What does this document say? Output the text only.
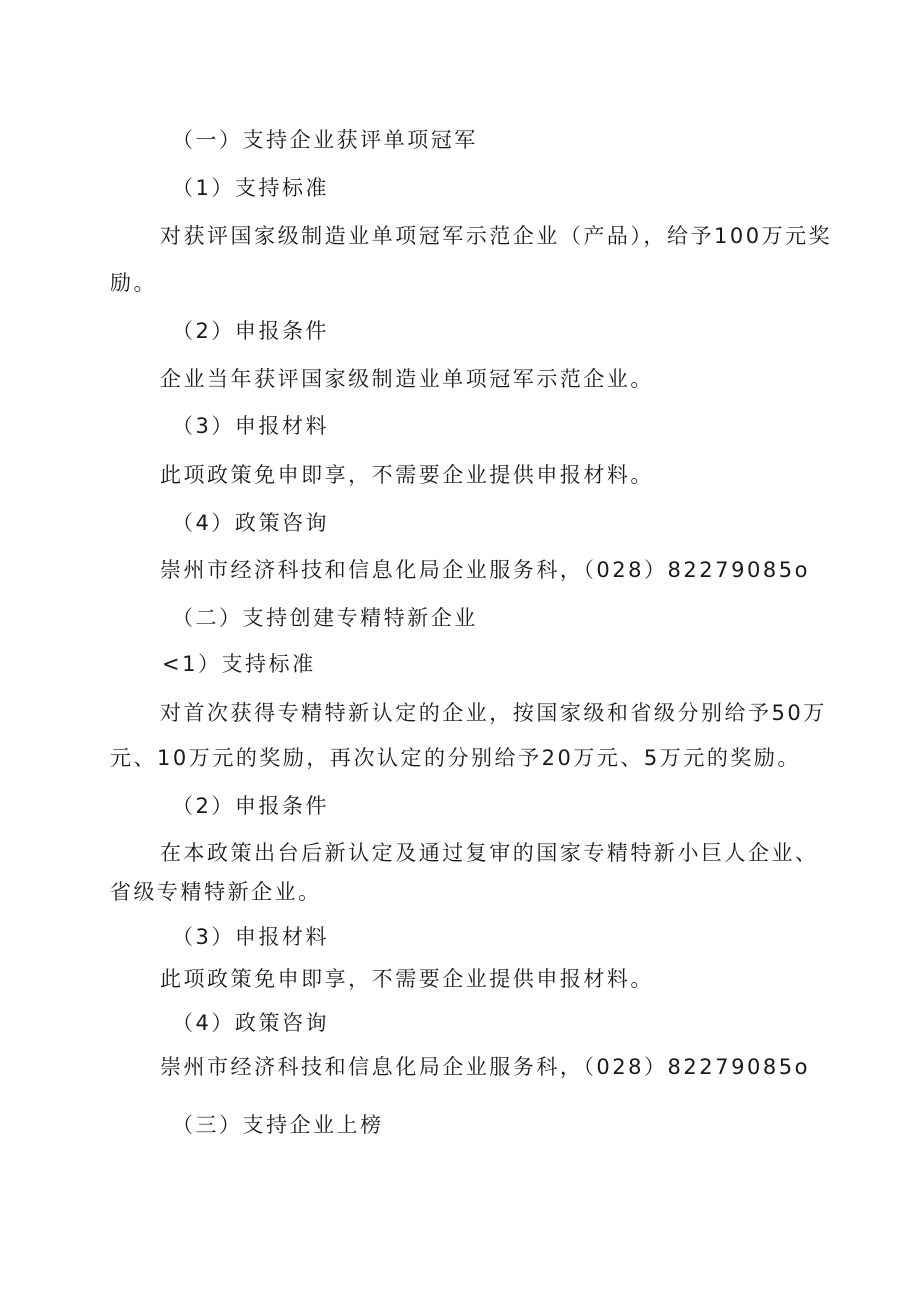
（一）支持企业获评单项冠军
（1）支持标准
对获评国家级制造业单项冠军示范企业（产品），给予100万元奖
励。
（2）申报条件
企业当年获评国家级制造业单项冠军示范企业。
（3）申报材料
此项政策免申即享，不需要企业提供申报材料。
（4）政策咨询
崇州市经济科技和信息化局企业服务科，（028）82279085o
（二）支持创建专精特新企业
<1）支持标准
对首次获得专精特新认定的企业，按国家级和省级分别给予50万
元、10万元的奖励，再次认定的分别给予20万元、5万元的奖励。
（2）申报条件
在本政策出台后新认定及通过复审的国家专精特新小巨人企业、
省级专精特新企业。
（3）申报材料
此项政策免申即享，不需要企业提供申报材料。
（4）政策咨询
崇州市经济科技和信息化局企业服务科，（028）82279085o
（三）支持企业上榜
